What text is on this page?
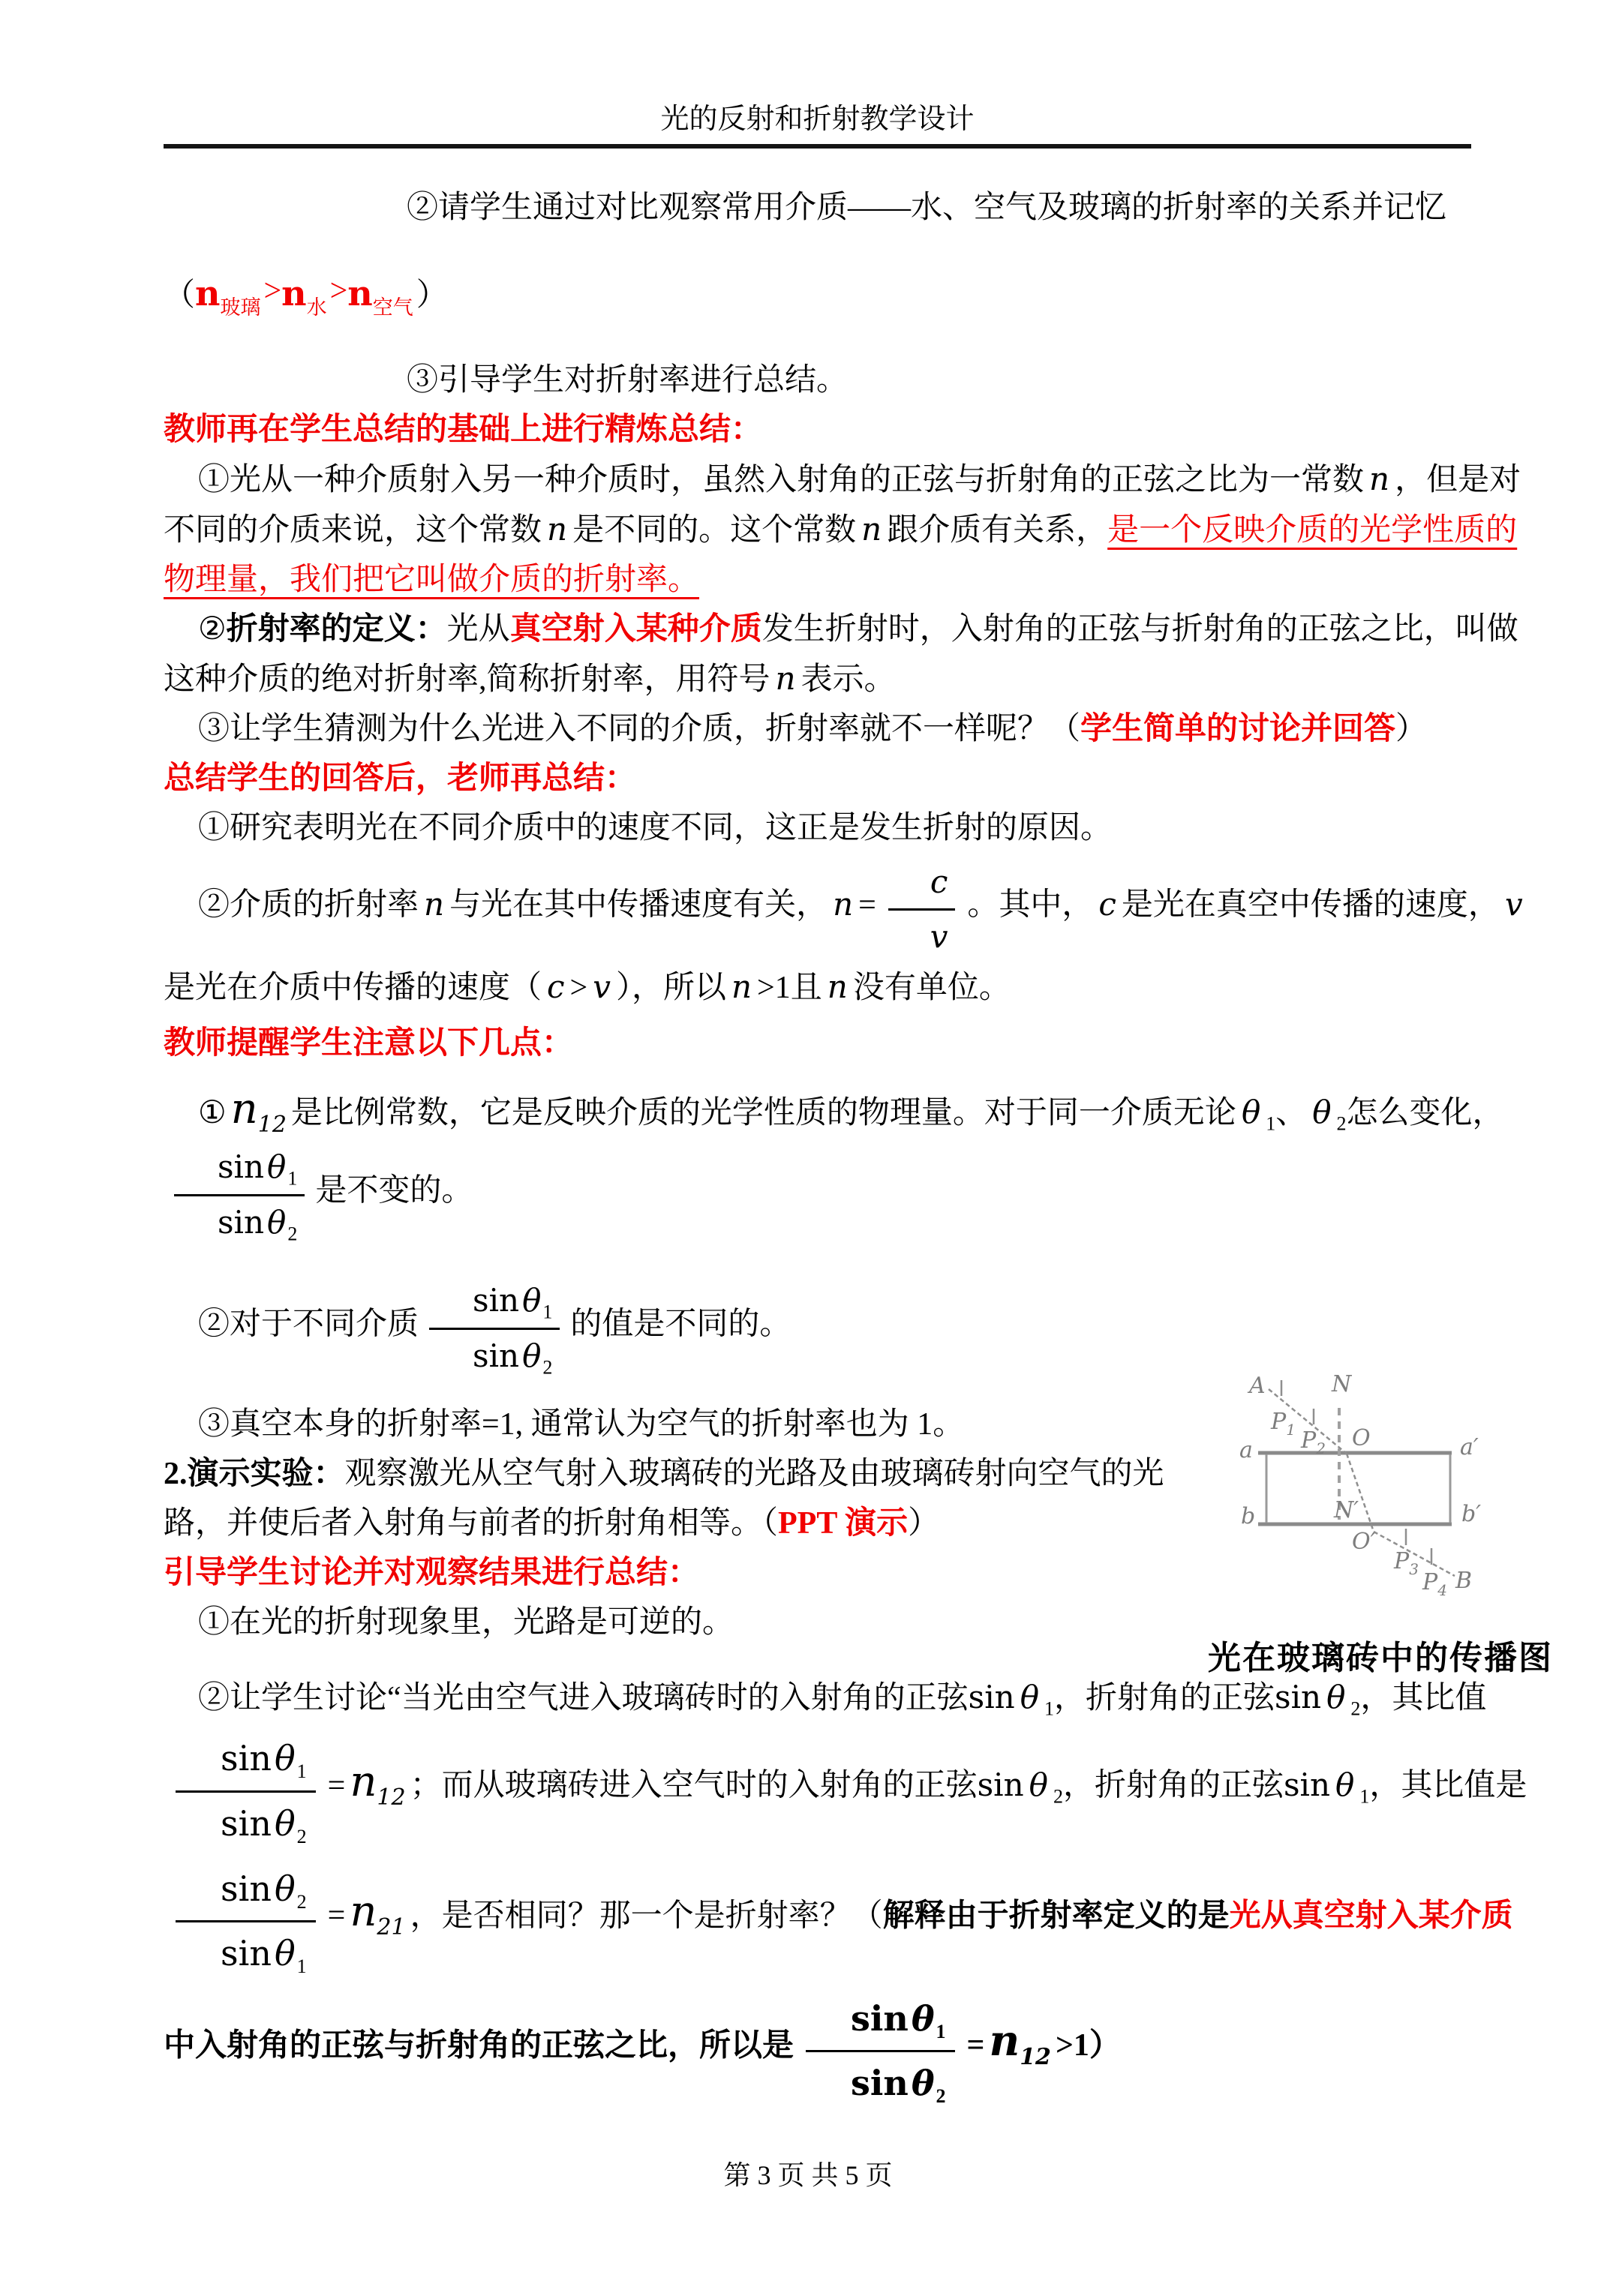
光的反射和折射教学设计

②请学生通过对比观察常用介质——水、空气及玻璃的折射率的关系并记忆

$(n_{玻璃}>n_水>n_{空气})$

③引导学生对折射率进行总结。

教师再在学生总结的基础上进行精炼总结：

①光从一种介质射入另一种介质时，虽然入射角的正弦与折射角的正弦之比为一常数 n ，但是对不同的介质来说，这个常数 n 是不同的。这个常数 n 跟介质有关系，是一个反映介质的光学性质的物理量，我们把它叫做介质的折射率。

②折射率的定义：光从真空射入某种介质发生折射时，入射角的正弦与折射角的正弦之比，叫做这种介质的绝对折射率,简称折射率，用符号 n 表示。

③让学生猜测为什么光进入不同的介质，折射率就不一样呢？（学生简单的讨论并回答）

总结学生的回答后，老师再总结：

①研究表明光在不同介质中的速度不同，这正是发生折射的原因。

②介质的折射率 n 与光在其中传播速度有关， $n = \frac{c}{v}$ 。其中， c 是光在真空中传播的速度， v是光在介质中传播的速度（ c > v ），所以 n >1且 n 没有单位。

教师提醒学生注意以下几点：

① $n_{12}$ 是比例常数，它是反映介质的光学性质的物理量。对于同一介质无论 θ $_1$、 θ $_2$怎么变化，
$\frac{\sin\theta_1}{\sin\theta_2}$ 是不变的。

②对于不同介质 $\frac{\sin\theta_1}{\sin\theta_2}$ 的值是不同的。

③真空本身的折射率=1, 通常认为空气的折射率也为 1。

2.演示实验：观察激光从空气射入玻璃砖的光路及由玻璃砖射向空气的光路，并使后者入射角与前者的折射角相等。（PPT 演示）

引导学生讨论并对观察结果进行总结：

①在光的折射现象里，光路是可逆的。

②让学生讨论“当光由空气进入玻璃砖时的入射角的正弦sin θ $_1$，折射角的正弦sin θ $_2$，其比值
$\frac{\sin\theta_1}{\sin\theta_2} = n_{12}$ ；而从玻璃砖进入空气时的入射角的正弦sin θ $_2$，折射角的正弦sin θ $_1$，其比值是
$\frac{\sin\theta_2}{\sin\theta_1} = n_{21}$ ，是否相同？那一个是折射率？（解释由于折射率定义的是光从真空射入某介质中入射角的正弦与折射角的正弦之比，所以是 $\frac{\sin\theta_1}{\sin\theta_2} = n_{12} >1$）

A	N
$P_1$ $P_2$ O
a	a′
N′
b	b′
O′
$P_3$ $P_4$ B
光在玻璃砖中的传播图
第 3 页 共 5 页
